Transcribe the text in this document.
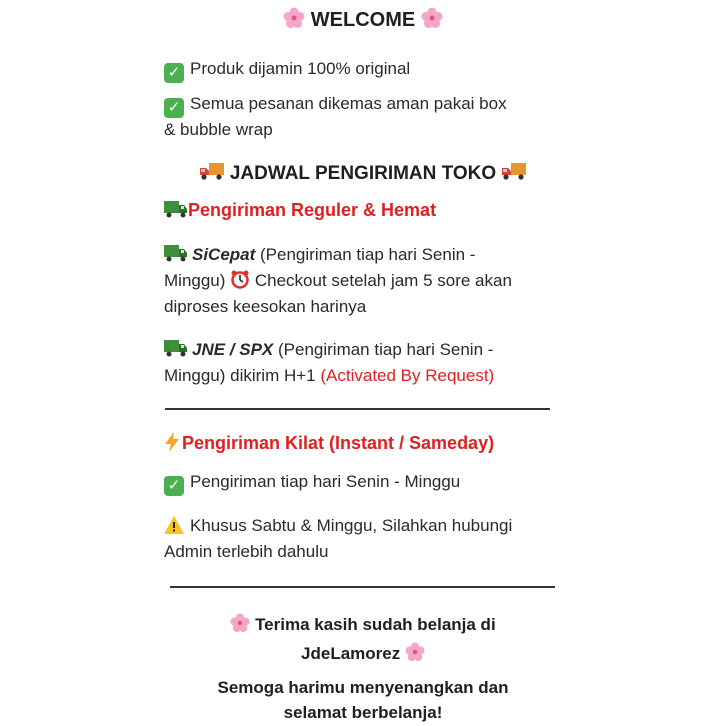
WELCOME
✓ Produk dijamin 100% original
✓ Semua pesanan dikemas aman pakai box
& bubble wrap
JADWAL PENGIRIMAN TOKO
Pengiriman Reguler & Hemat
SiCepat (Pengiriman tiap hari Senin -
Minggu)  Checkout setelah jam 5 sore akan
diproses keesokan harinya
JNE / SPX (Pengiriman tiap hari Senin -
Minggu) dikirim H+1 (Activated By Request)
Pengiriman Kilat (Instant / Sameday)
✓ Pengiriman tiap hari Senin - Minggu
Khusus Sabtu & Minggu, Silahkan hubungi
Admin terlebih dahulu
Terima kasih sudah belanja di
JdeLamorez
Semoga harimu menyenangkan dan
selamat berbelanja!
